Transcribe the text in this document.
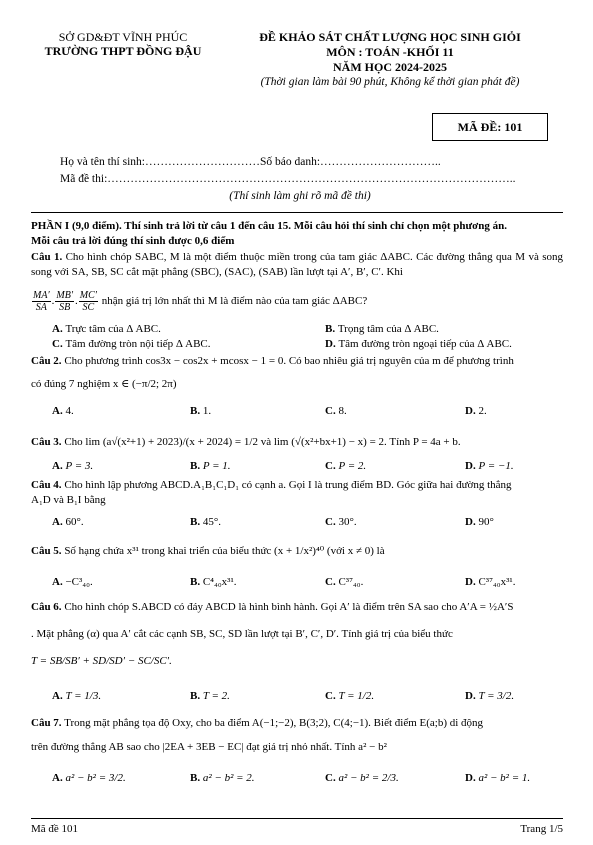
SỞ GD&ĐT VĨNH PHÚC
TRƯỜNG THPT ĐỒNG ĐẬU
ĐỀ KHẢO SÁT CHẤT LƯỢNG HỌC SINH GIỎI
MÔN : TOÁN -KHỐI 11
NĂM HỌC 2024-2025
(Thời gian làm bài 90 phút, Không kể thời gian phát đề)
MÃ ĐỀ: 101
Họ và tên thí sinh:…………………………Số báo danh:…………………………..
Mã đề thi:……………………………………………………………………………………………..
(Thí sinh làm ghi rõ mã đề thi)
PHẦN I (9,0 điểm). Thí sinh trả lời từ câu 1 đến câu 15. Mỗi câu hỏi thí sinh chỉ chọn một phương án.
Mỗi câu trả lời đúng thí sinh được 0,6 điểm
Câu 1. Cho hình chóp SABC, M là một điểm thuộc miền trong của tam giác ΔABC. Các đường thẳng qua M và song song với SA, SB, SC cắt mặt phẳng (SBC), (SAC), (SAB) lần lượt tại A′, B′, C′. Khi
$\frac{MA'}{SA}$ . $\frac{MB'}{SB}$ . $\frac{MC'}{SC}$ nhận giá trị lớn nhất thì M là điểm nào của tam giác ΔABC?
A. Trực tâm của Δ ABC.	B. Trọng tâm của Δ ABC.
C. Tâm đường tròn nội tiếp Δ ABC.	D. Tâm đường tròn ngoại tiếp của Δ ABC.
Câu 2. Cho phương trình cos3x − cos2x + mcosx − 1 = 0. Có bao nhiêu giá trị nguyên của m để phương trình
có đúng 7 nghiệm x ∈ (−π/2; 2π)
A. 4.	B. 1.	C. 8.	D. 2.
Câu 3. Cho lim (a√(x²+1) + 2023)/(x + 2024) = 1/2 và lim (√(x²+bx+1) − x) = 2. Tính P = 4a + b.
A. P = 3.	B. P = 1.	C. P = 2.	D. P = −1.
Câu 4. Cho hình lập phương ABCD.A₁B₁C₁D₁ có cạnh a. Gọi I là trung điểm BD. Góc giữa hai đường thẳng
A₁D và B₁I bằng
A. 60°.	B. 45°.	C. 30°.	D. 90°
Câu 5. Số hạng chứa x³¹ trong khai triển của biểu thức (x + 1/x²)⁴⁰ (với x ≠ 0) là
A. −C³₄₀.	B. C⁴₄₀x³¹.	C. C³⁷₄₀.	D. C³⁷₄₀x³¹.
Câu 6. Cho hình chóp S.ABCD có đáy ABCD là hình bình hành. Gọi A′ là điểm trên SA sao cho A′A = ½A′S
. Mặt phẳng (α) qua A′ cắt các cạnh SB, SC, SD lần lượt tại B′, C′, D′. Tính giá trị của biểu thức
T = SB/SB′ + SD/SD′ − SC/SC′.
A. T = 1/3.	B. T = 2.	C. T = 1/2.	D. T = 3/2.
Câu 7. Trong mặt phẳng tọa độ Oxy, cho ba điểm A(−1;−2), B(3;2), C(4;−1). Biết điểm E(a;b) di động
trên đường thẳng AB sao cho |2EA + 3EB − EC| đạt giá trị nhỏ nhất. Tính a² − b²
A. a² − b² = 3/2.	B. a² − b² = 2.	C. a² − b² = 2/3.	D. a² − b² = 1.
Mã đề 101	Trang 1/5
